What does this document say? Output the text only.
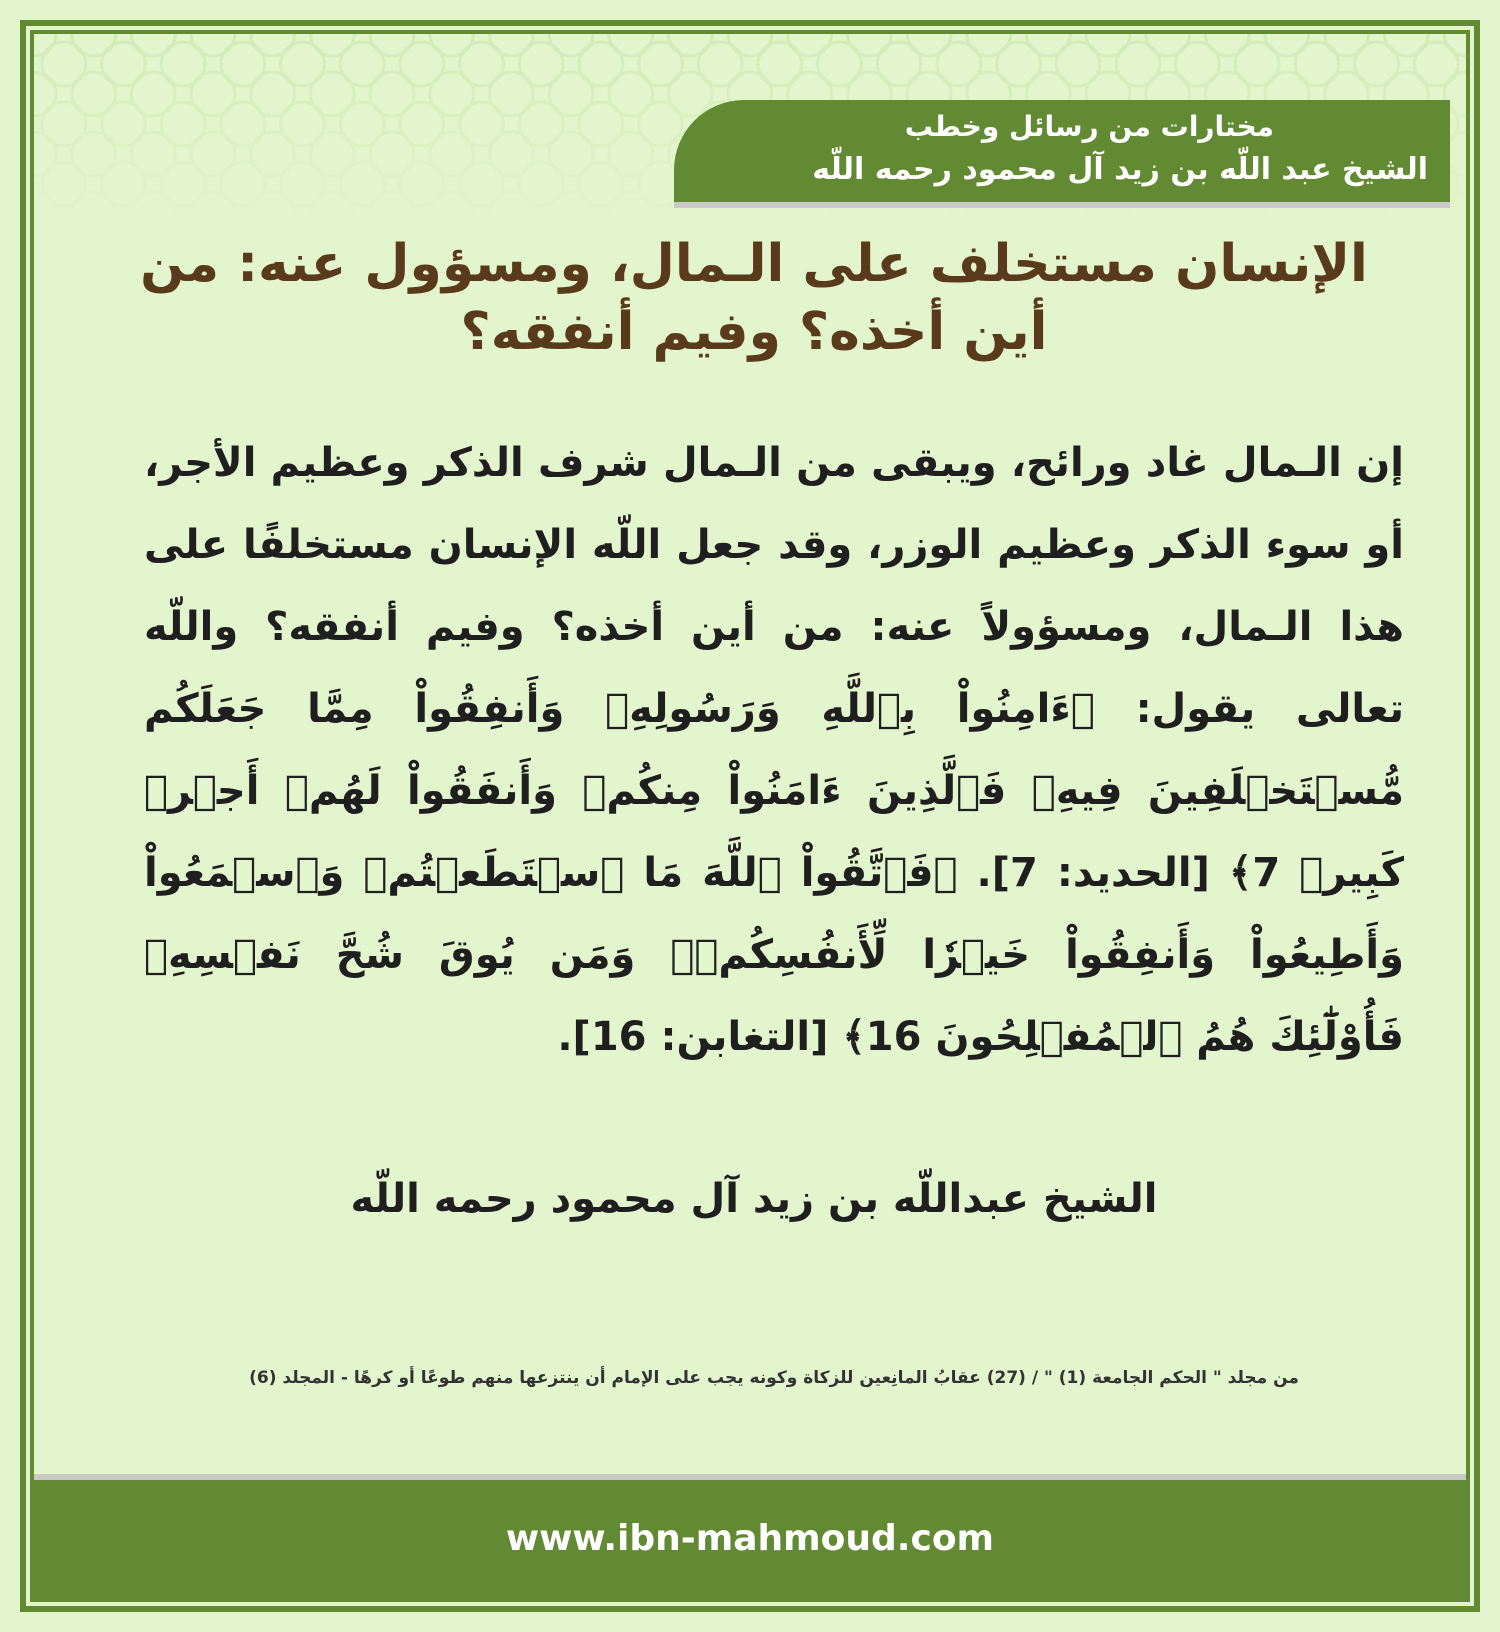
مختارات من رسائل وخطب
الشيخ عبد اللّه بن زيد آل محمود رحمه اللّه
الإنسان مستخلف على الـمال، ومسؤول عنه: من أين أخذه؟ وفيم أنفقه؟
إن الـمال غاد ورائح، ويبقى من الـمال شرف الذكر وعظيم الأجر، أو سوء الذكر وعظيم الوزر، وقد جعل اللّه الإنسان مستخلفًا على هذا الـمال، ومسؤولاً عنه: من أين أخذه؟ وفيم أنفقه؟ واللّه تعالى يقول: ﴿ءَامِنُواْ بِٱللَّهِ وَرَسُولِهِۦ وَأَنفِقُواْ مِمَّا جَعَلَكُم مُّسۡتَخۡلَفِينَ فِيهِۖ فَٱلَّذِينَ ءَامَنُواْ مِنكُمۡ وَأَنفَقُواْ لَهُمۡ أَجۡرٞ كَبِيرٞ 7﴾ [الحديد: 7]. ﴿فَٱتَّقُواْ ٱللَّهَ مَا ٱسۡتَطَعۡتُمۡ وَٱسۡمَعُواْ وَأَطِيعُواْ وَأَنفِقُواْ خَيۡرٗا لِّأَنفُسِكُمۡۗ وَمَن يُوقَ شُحَّ نَفۡسِهِۦ فَأُوْلَٰٓئِكَ هُمُ ٱلۡمُفۡلِحُونَ 16﴾ [التغابن: 16].
الشيخ عبداللّه بن زيد آل محمود رحمه اللّه
من مجلد " الحكم الجامعة (1) " / (27) عقابُ المانِعين للزكاة وكونه يجب على الإمام أن ينتزعها منهم طوعًا أو كرهًا - المجلد (6)
www.ibn-mahmoud.com
